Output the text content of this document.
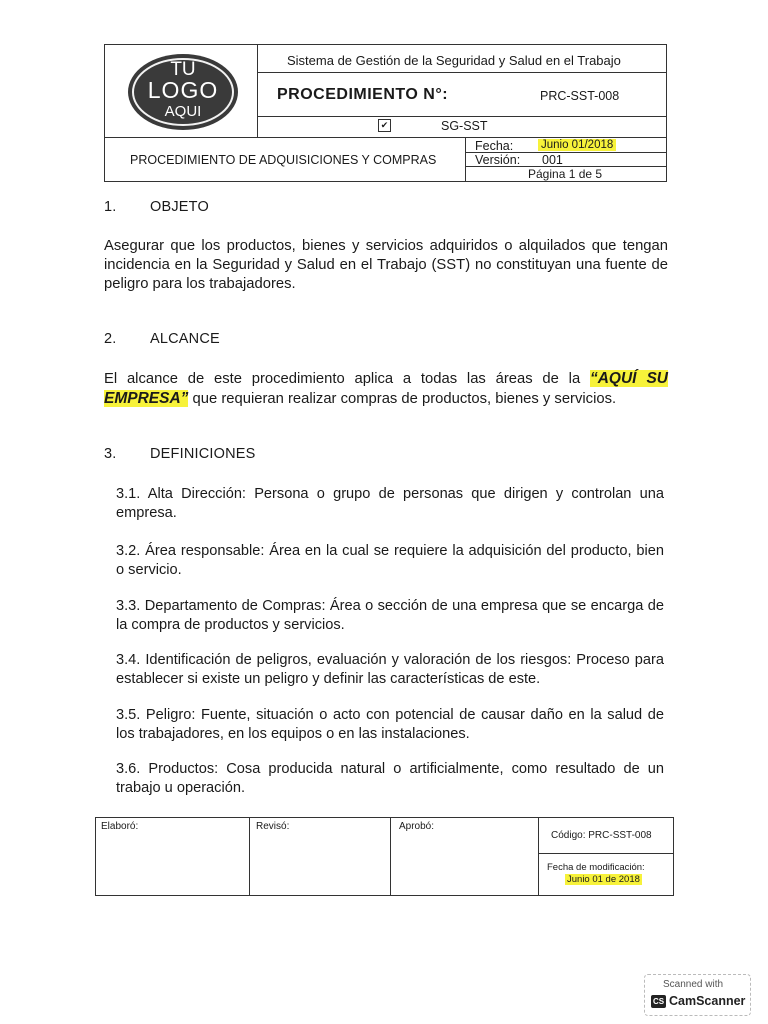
TU
LOGO
AQUI
Sistema de Gestión de la Seguridad y Salud en el Trabajo
PROCEDIMIENTO N°:	PRC-SST-008
✔	SG-SST
PROCEDIMIENTO DE ADQUISICIONES Y COMPRAS
Fecha: Junio 01/2018
Versión: 001
Página 1 de 5
1. OBJETO
Asegurar que los productos, bienes y servicios adquiridos o alquilados que tengan incidencia en la Seguridad y Salud en el Trabajo (SST) no constituyan una fuente de peligro para los trabajadores.
2. ALCANCE
El alcance de este procedimiento aplica a todas las áreas de la “AQUÍ SU EMPRESA” que requieran realizar compras de productos, bienes y servicios.
3. DEFINICIONES
3.1. Alta Dirección: Persona o grupo de personas que dirigen y controlan una empresa.
3.2. Área responsable: Área en la cual se requiere la adquisición del producto, bien o servicio.
3.3. Departamento de Compras: Área o sección de una empresa que se encarga de la compra de productos y servicios.
3.4. Identificación de peligros, evaluación y valoración de los riesgos: Proceso para establecer si existe un peligro y definir las características de este.
3.5. Peligro: Fuente, situación o acto con potencial de causar daño en la salud de los trabajadores, en los equipos o en las instalaciones.
3.6. Productos: Cosa producida natural o artificialmente, como resultado de un trabajo u operación.
Elaboró:	Revisó:	Aprobó:
Código: PRC-SST-008
Fecha de modificación:
Junio 01 de 2018
Scanned with
CS CamScanner
